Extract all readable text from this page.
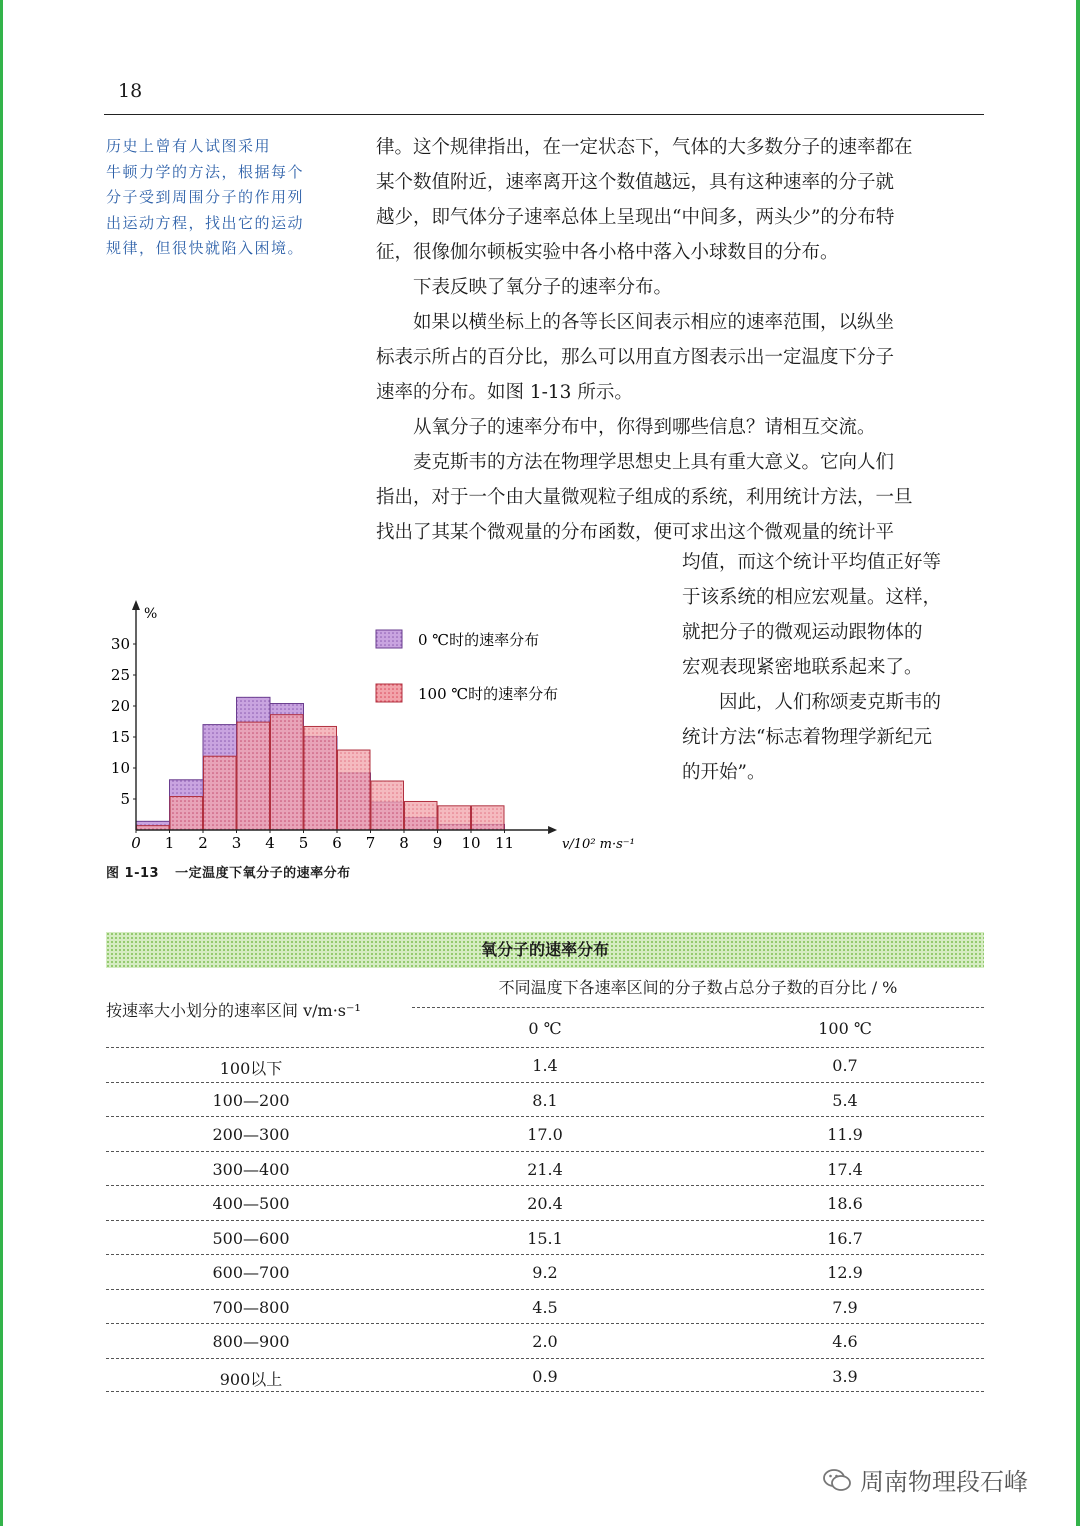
18
历史上曾有人试图采用
牛顿力学的方法，根据每个
分子受到周围分子的作用列
出运动方程，找出它的运动
规律，但很快就陷入困境。
律。这个规律指出，在一定状态下，气体的大多数分子的速率都在
某个数值附近，速率离开这个数值越远，具有这种速率的分子就
越少，即气体分子速率总体上呈现出“中间多，两头少”的分布特
征，很像伽尔顿板实验中各小格中落入小球数目的分布。
下表反映了氧分子的速率分布。
如果以横坐标上的各等长区间表示相应的速率范围，以纵坐
标表示所占的百分比，那么可以用直方图表示出一定温度下分子
速率的分布。如图 1-13 所示。
从氧分子的速率分布中，你得到哪些信息？请相互交流。
麦克斯韦的方法在物理学思想史上具有重大意义。它向人们
指出，对于一个由大量微观粒子组成的系统，利用统计方法，一旦
找出了其某个微观量的分布函数，便可求出这个微观量的统计平
均值，而这个统计平均值正好等
于该系统的相应宏观量。这样，
就把分子的微观运动跟物体的
宏观表现紧密地联系起来了。
因此，人们称颂麦克斯韦的
统计方法“标志着物理学新纪元
的开始”。
0 1 2 3 4 5 6 7 8 9 10 11
5
10
15
20
25
30
%
v/10² m·s⁻¹
0 ℃时的速率分布
100 ℃时的速率分布
图 1-13 一定温度下氧分子的速率分布
氧分子的速率分布
不同温度下各速率区间的分子数占总分子数的百分比 / %
按速率大小划分的速率区间 v/m·s⁻¹
0 ℃	100 ℃
100以下	1.4	0.7
100—200	8.1	5.4
200—300	17.0	11.9
300—400	21.4	17.4
400—500	20.4	18.6
500—600	15.1	16.7
600—700	9.2	12.9
700—800	4.5	7.9
800—900	2.0	4.6
900以上	0.9	3.9
周南物理段石峰
